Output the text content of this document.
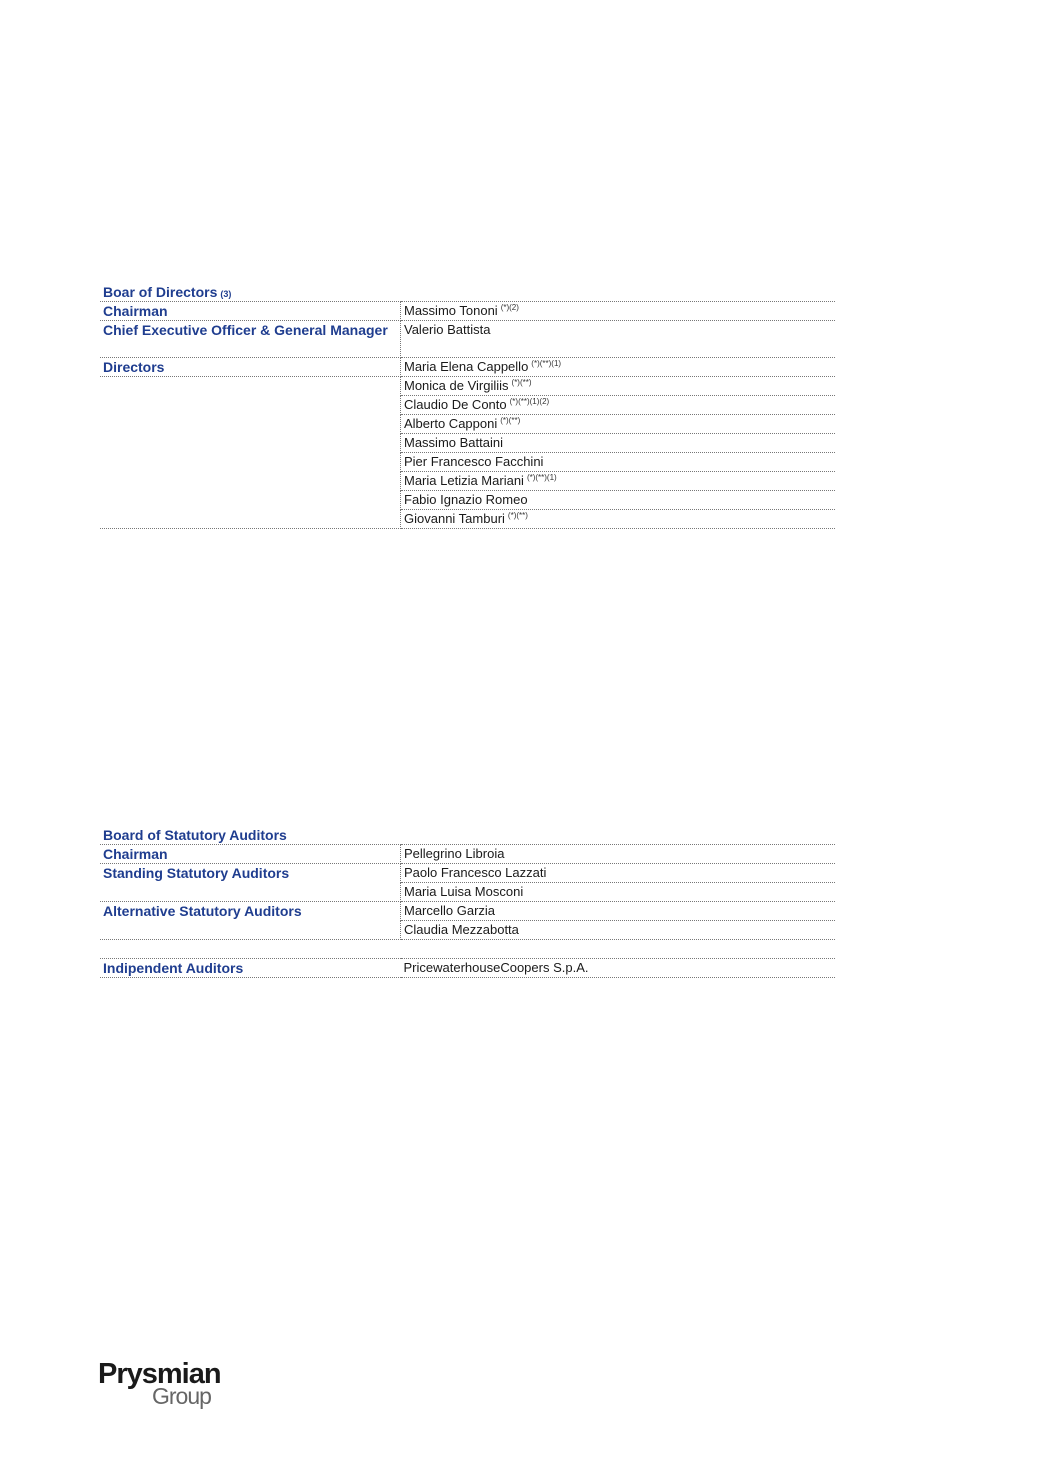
Boar of Directors (3)
Chairman	Massimo Tononi $^{(*)(2)}$
Chief Executive Officer & General Manager	Valerio Battista
Directors	Maria Elena Cappello $^{(*)(**)(1)}$
	Monica de Virgiliis (*)(**)
	Claudio De Conto $^{(*)(**)(1)(2)}$
	Alberto Capponi (*)(**)
	Massimo Battaini
	Pier Francesco Facchini
	Maria Letizia Mariani $^{(*)(**)(1)}$
	Fabio Ignazio Romeo
	Giovanni Tamburi (*)(**)
Board of Statutory Auditors
Chairman	Pellegrino Libroia
Standing Statutory Auditors	Paolo Francesco Lazzati
	Maria Luisa Mosconi
Alternative Statutory Auditors	Marcello Garzia
	Claudia Mezzabotta

Indipendent Auditors	PricewaterhouseCoopers S.p.A.
Prysmian
Group
